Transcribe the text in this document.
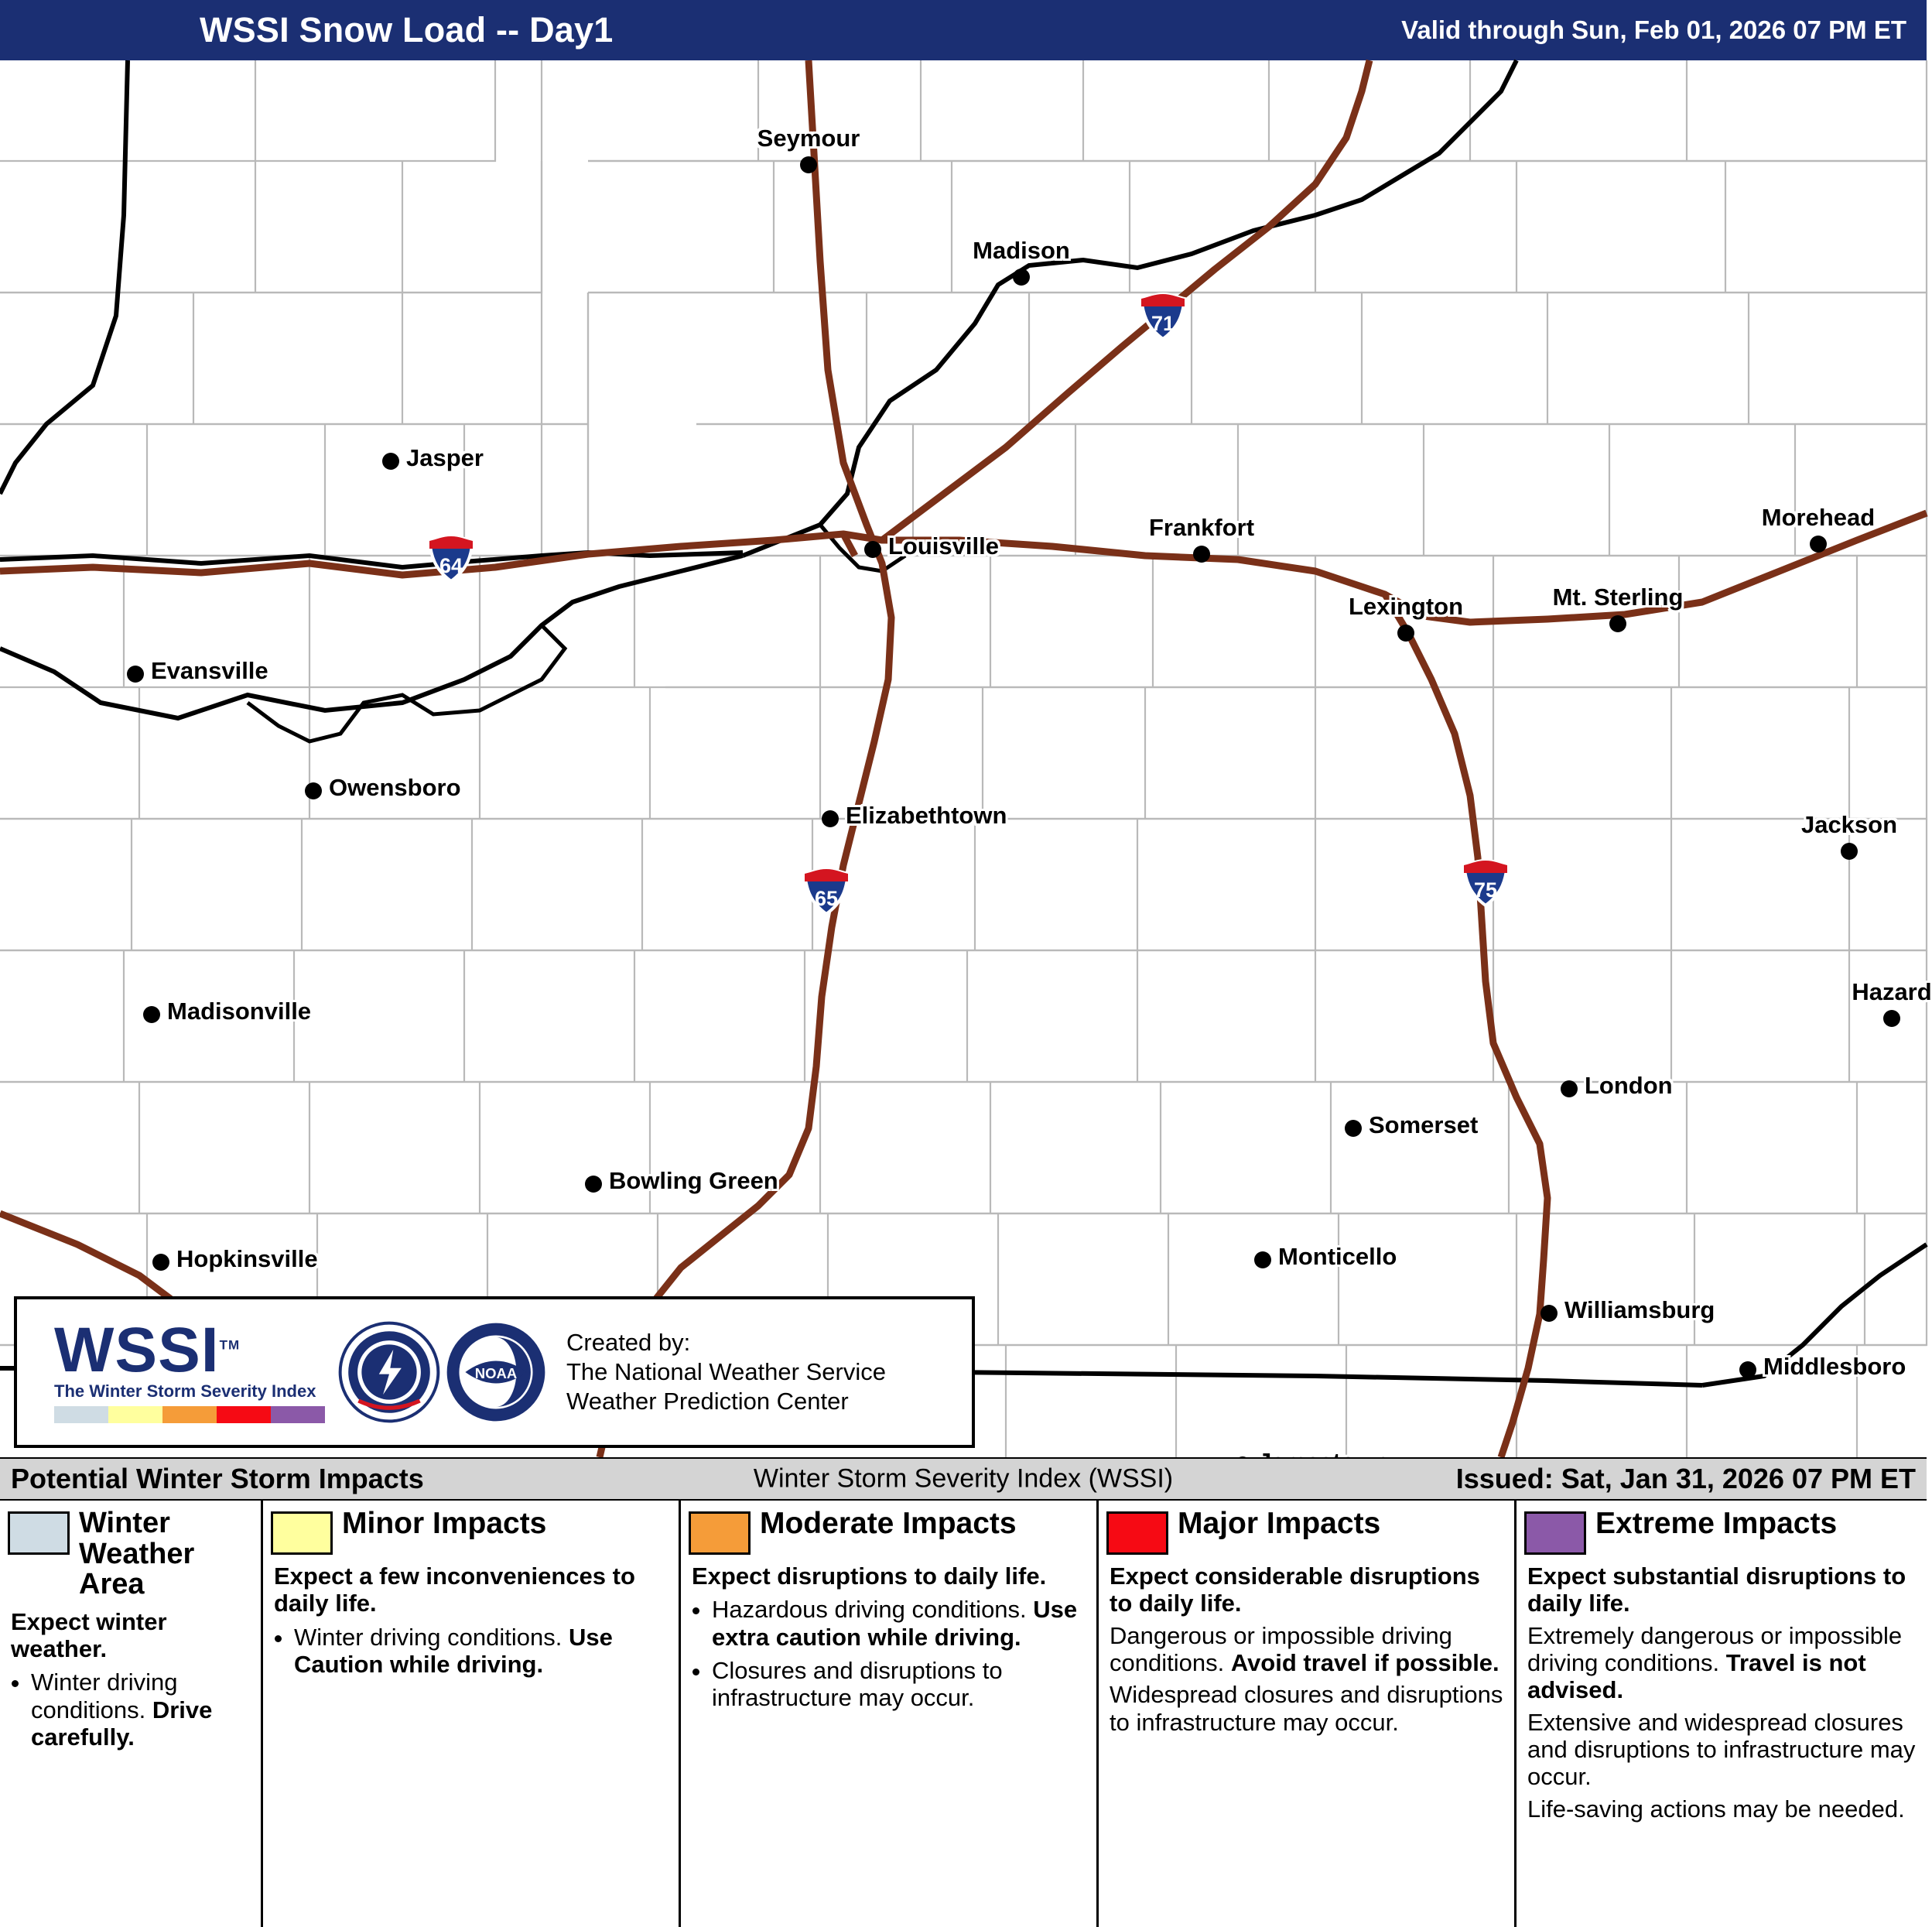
WSSI Snow Load -- Day1	Valid through Sun, Feb 01, 2026 07 PM ET
Seymour
Madison
Jasper
Louisville
Frankfort	Morehead
Lexington	Mt. Sterling
Evansville
Owensboro
Elizabethtown	Jackson
Madisonville
Hazard
London
Somerset
Bowling Green
Monticello
Hopkinsville
Williamsburg
Middlesboro
71
64
65	75
WSSI™
The Winter Storm Severity Index
NOAA
Created by:
The National Weather Service
Weather Prediction Center
Potential Winter Storm Impacts	Winter Storm Severity Index (WSSI)	Issued: Sat, Jan 31, 2026 07 PM ET
Winter Weather Area

Expect winter weather.

• Winter driving conditions. Drive carefully.
Minor Impacts

Expect a few inconveniences to daily life.

• Winter driving conditions. Use Caution while driving.
Moderate Impacts

Expect disruptions to daily life.

• Hazardous driving conditions. Use extra caution while driving.
• Closures and disruptions to infrastructure may occur.
Major Impacts

Expect considerable disruptions to daily life.

Dangerous or impossible driving conditions. Avoid travel if possible.

Widespread closures and disruptions to infrastructure may occur.

Extreme Impacts

Expect substantial disruptions to daily life.

Extremely dangerous or impossible driving conditions. Travel is not advised.

Extensive and widespread closures and disruptions to infrastructure may occur.

Life-saving actions may be needed.
